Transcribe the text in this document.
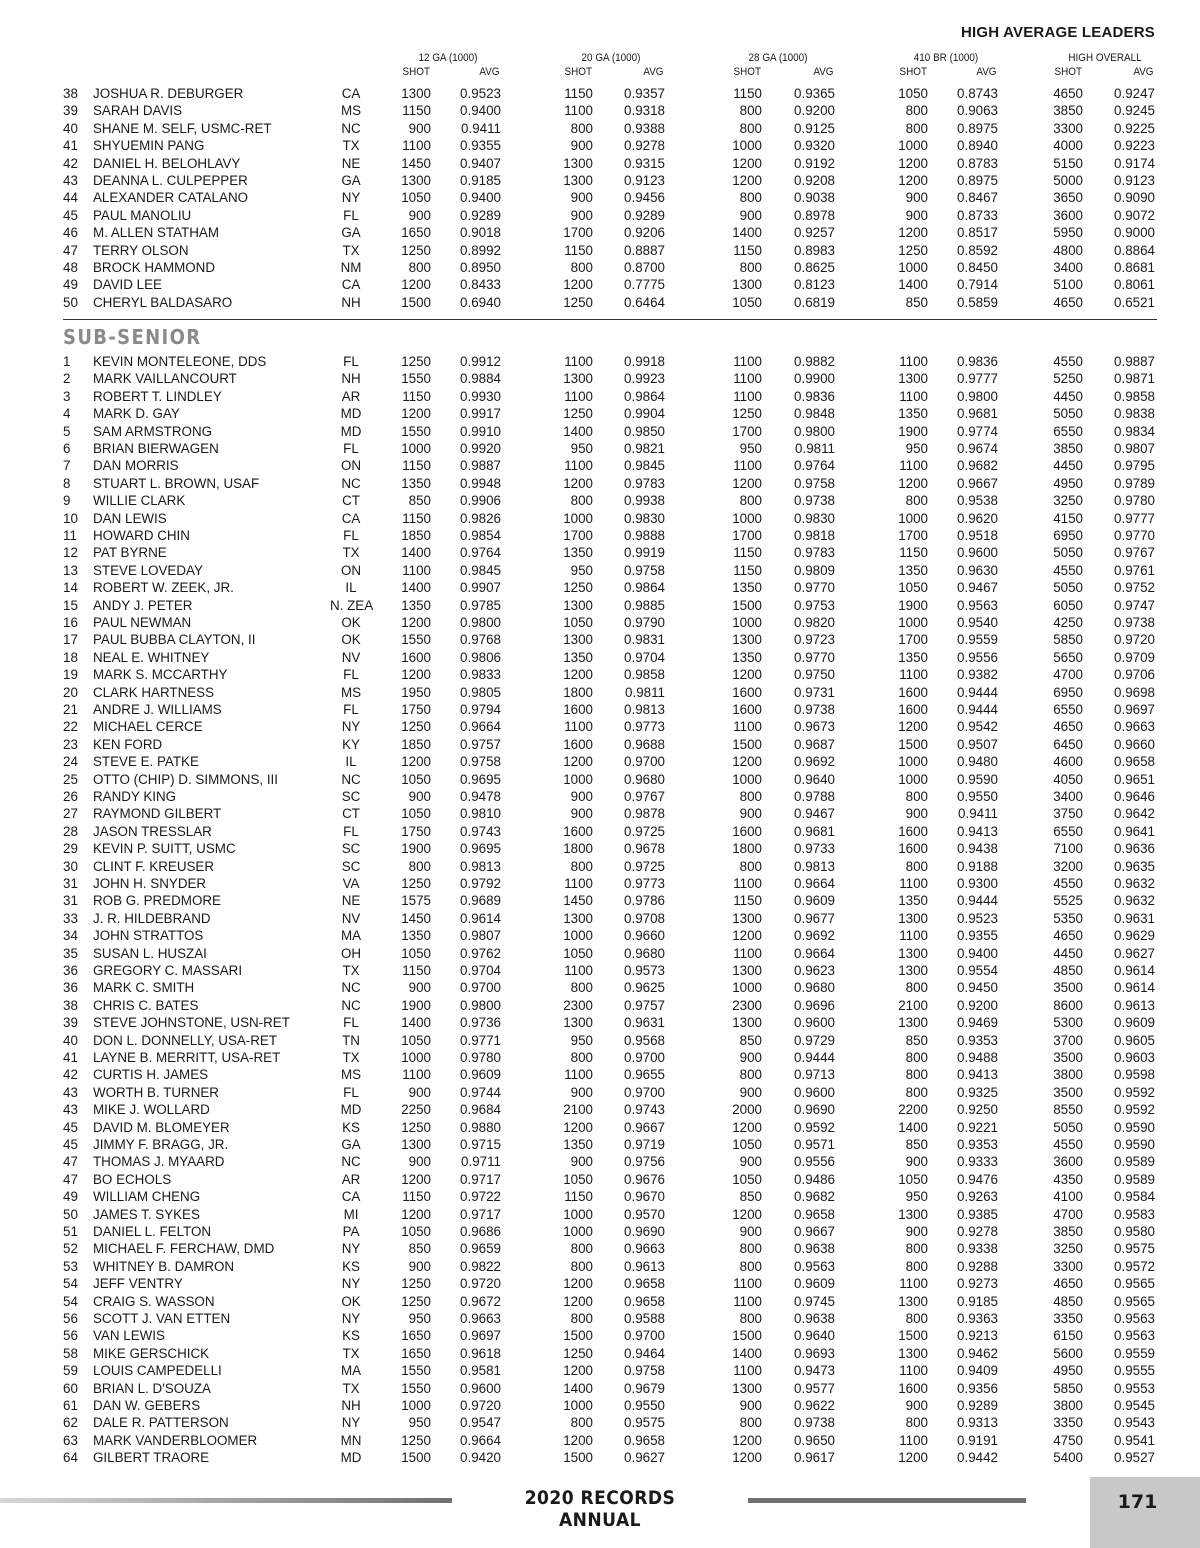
HIGH AVERAGE LEADERS
12 GA (1000)
SHOT	AVG
20 GA (1000)
SHOT	AVG
28 GA (1000)
SHOT	AVG
410 BR (1000)
SHOT	AVG
HIGH OVERALL
SHOT	AVG
38 JOSHUA R. DEBURGER	CA	1300	0.9523	1150	0.9357	1150	0.9365	1050	0.8743	4650	0.9247
39 SARAH DAVIS	MS	1150	0.9400	1100	0.9318	800	0.9200	800	0.9063	3850	0.9245
40 SHANE M. SELF, USMC-RET	NC	900	0.9411	800	0.9388	800	0.9125	800	0.8975	3300	0.9225
41 SHYUEMIN PANG	TX	1100	0.9355	900	0.9278	1000	0.9320	1000	0.8940	4000	0.9223
42 DANIEL H. BELOHLAVY	NE	1450	0.9407	1300	0.9315	1200	0.9192	1200	0.8783	5150	0.9174
43 DEANNA L. CULPEPPER	GA	1300	0.9185	1300	0.9123	1200	0.9208	1200	0.8975	5000	0.9123
44 ALEXANDER CATALANO	NY	1050	0.9400	900	0.9456	800	0.9038	900	0.8467	3650	0.9090
45 PAUL MANOLIU	FL	900	0.9289	900	0.9289	900	0.8978	900	0.8733	3600	0.9072
46 M. ALLEN STATHAM	GA	1650	0.9018	1700	0.9206	1400	0.9257	1200	0.8517	5950	0.9000
47 TERRY OLSON	TX	1250	0.8992	1150	0.8887	1150	0.8983	1250	0.8592	4800	0.8864
48 BROCK HAMMOND	NM	800	0.8950	800	0.8700	800	0.8625	1000	0.8450	3400	0.8681
49 DAVID LEE	CA	1200	0.8433	1200	0.7775	1300	0.8123	1400	0.7914	5100	0.8061
50 CHERYL BALDASARO	NH	1500	0.6940	1250	0.6464	1050	0.6819	850	0.5859	4650	0.6521
SUB-SENIOR
1 KEVIN MONTELEONE, DDS	FL	1250	0.9912	1100	0.9918	1100	0.9882	1100	0.9836	4550	0.9887
2 MARK VAILLANCOURT	NH	1550	0.9884	1300	0.9923	1100	0.9900	1300	0.9777	5250	0.9871
3 ROBERT T. LINDLEY	AR	1150	0.9930	1100	0.9864	1100	0.9836	1100	0.9800	4450	0.9858
4 MARK D. GAY	MD	1200	0.9917	1250	0.9904	1250	0.9848	1350	0.9681	5050	0.9838
5 SAM ARMSTRONG	MD	1550	0.9910	1400	0.9850	1700	0.9800	1900	0.9774	6550	0.9834
6 BRIAN BIERWAGEN	FL	1000	0.9920	950	0.9821	950	0.9811	950	0.9674	3850	0.9807
7 DAN MORRIS	ON	1150	0.9887	1100	0.9845	1100	0.9764	1100	0.9682	4450	0.9795
8 STUART L. BROWN, USAF	NC	1350	0.9948	1200	0.9783	1200	0.9758	1200	0.9667	4950	0.9789
9 WILLIE CLARK	CT	850	0.9906	800	0.9938	800	0.9738	800	0.9538	3250	0.9780
10 DAN LEWIS	CA	1150	0.9826	1000	0.9830	1000	0.9830	1000	0.9620	4150	0.9777
11 HOWARD CHIN	FL	1850	0.9854	1700	0.9888	1700	0.9818	1700	0.9518	6950	0.9770
12 PAT BYRNE	TX	1400	0.9764	1350	0.9919	1150	0.9783	1150	0.9600	5050	0.9767
13 STEVE LOVEDAY	ON	1100	0.9845	950	0.9758	1150	0.9809	1350	0.9630	4550	0.9761
14 ROBERT W. ZEEK, JR.	IL	1400	0.9907	1250	0.9864	1350	0.9770	1050	0.9467	5050	0.9752
15 ANDY J. PETER	N. ZEA	1350	0.9785	1300	0.9885	1500	0.9753	1900	0.9563	6050	0.9747
16 PAUL NEWMAN	OK	1200	0.9800	1050	0.9790	1000	0.9820	1000	0.9540	4250	0.9738
17 PAUL BUBBA CLAYTON, II	OK	1550	0.9768	1300	0.9831	1300	0.9723	1700	0.9559	5850	0.9720
18 NEAL E. WHITNEY	NV	1600	0.9806	1350	0.9704	1350	0.9770	1350	0.9556	5650	0.9709
19 MARK S. MCCARTHY	FL	1200	0.9833	1200	0.9858	1200	0.9750	1100	0.9382	4700	0.9706
20 CLARK HARTNESS	MS	1950	0.9805	1800	0.9811	1600	0.9731	1600	0.9444	6950	0.9698
21 ANDRE J. WILLIAMS	FL	1750	0.9794	1600	0.9813	1600	0.9738	1600	0.9444	6550	0.9697
22 MICHAEL CERCE	NY	1250	0.9664	1100	0.9773	1100	0.9673	1200	0.9542	4650	0.9663
23 KEN FORD	KY	1850	0.9757	1600	0.9688	1500	0.9687	1500	0.9507	6450	0.9660
24 STEVE E. PATKE	IL	1200	0.9758	1200	0.9700	1200	0.9692	1000	0.9480	4600	0.9658
25 OTTO (CHIP) D. SIMMONS, III	NC	1050	0.9695	1000	0.9680	1000	0.9640	1000	0.9590	4050	0.9651
26 RANDY KING	SC	900	0.9478	900	0.9767	800	0.9788	800	0.9550	3400	0.9646
27 RAYMOND GILBERT	CT	1050	0.9810	900	0.9878	900	0.9467	900	0.9411	3750	0.9642
28 JASON TRESSLAR	FL	1750	0.9743	1600	0.9725	1600	0.9681	1600	0.9413	6550	0.9641
29 KEVIN P. SUITT, USMC	SC	1900	0.9695	1800	0.9678	1800	0.9733	1600	0.9438	7100	0.9636
30 CLINT F. KREUSER	SC	800	0.9813	800	0.9725	800	0.9813	800	0.9188	3200	0.9635
31 JOHN H. SNYDER	VA	1250	0.9792	1100	0.9773	1100	0.9664	1100	0.9300	4550	0.9632
31 ROB G. PREDMORE	NE	1575	0.9689	1450	0.9786	1150	0.9609	1350	0.9444	5525	0.9632
33 J. R. HILDEBRAND	NV	1450	0.9614	1300	0.9708	1300	0.9677	1300	0.9523	5350	0.9631
34 JOHN STRATTOS	MA	1350	0.9807	1000	0.9660	1200	0.9692	1100	0.9355	4650	0.9629
35 SUSAN L. HUSZAI	OH	1050	0.9762	1050	0.9680	1100	0.9664	1300	0.9400	4450	0.9627
36 GREGORY C. MASSARI	TX	1150	0.9704	1100	0.9573	1300	0.9623	1300	0.9554	4850	0.9614
36 MARK C. SMITH	NC	900	0.9700	800	0.9625	1000	0.9680	800	0.9450	3500	0.9614
38 CHRIS C. BATES	NC	1900	0.9800	2300	0.9757	2300	0.9696	2100	0.9200	8600	0.9613
39 STEVE JOHNSTONE, USN-RET	FL	1400	0.9736	1300	0.9631	1300	0.9600	1300	0.9469	5300	0.9609
40 DON L. DONNELLY, USA-RET	TN	1050	0.9771	950	0.9568	850	0.9729	850	0.9353	3700	0.9605
41 LAYNE B. MERRITT, USA-RET	TX	1000	0.9780	800	0.9700	900	0.9444	800	0.9488	3500	0.9603
42 CURTIS H. JAMES	MS	1100	0.9609	1100	0.9655	800	0.9713	800	0.9413	3800	0.9598
43 WORTH B. TURNER	FL	900	0.9744	900	0.9700	900	0.9600	800	0.9325	3500	0.9592
43 MIKE J. WOLLARD	MD	2250	0.9684	2100	0.9743	2000	0.9690	2200	0.9250	8550	0.9592
45 DAVID M. BLOMEYER	KS	1250	0.9880	1200	0.9667	1200	0.9592	1400	0.9221	5050	0.9590
45 JIMMY F. BRAGG, JR.	GA	1300	0.9715	1350	0.9719	1050	0.9571	850	0.9353	4550	0.9590
47 THOMAS J. MYAARD	NC	900	0.9711	900	0.9756	900	0.9556	900	0.9333	3600	0.9589
47 BO ECHOLS	AR	1200	0.9717	1050	0.9676	1050	0.9486	1050	0.9476	4350	0.9589
49 WILLIAM CHENG	CA	1150	0.9722	1150	0.9670	850	0.9682	950	0.9263	4100	0.9584
50 JAMES T. SYKES	MI	1200	0.9717	1000	0.9570	1200	0.9658	1300	0.9385	4700	0.9583
51 DANIEL L. FELTON	PA	1050	0.9686	1000	0.9690	900	0.9667	900	0.9278	3850	0.9580
52 MICHAEL F. FERCHAW, DMD	NY	850	0.9659	800	0.9663	800	0.9638	800	0.9338	3250	0.9575
53 WHITNEY B. DAMRON	KS	900	0.9822	800	0.9613	800	0.9563	800	0.9288	3300	0.9572
54 JEFF VENTRY	NY	1250	0.9720	1200	0.9658	1100	0.9609	1100	0.9273	4650	0.9565
54 CRAIG S. WASSON	OK	1250	0.9672	1200	0.9658	1100	0.9745	1300	0.9185	4850	0.9565
56 SCOTT J. VAN ETTEN	NY	950	0.9663	800	0.9588	800	0.9638	800	0.9363	3350	0.9563
56 VAN LEWIS	KS	1650	0.9697	1500	0.9700	1500	0.9640	1500	0.9213	6150	0.9563
58 MIKE GERSCHICK	TX	1650	0.9618	1250	0.9464	1400	0.9693	1300	0.9462	5600	0.9559
59 LOUIS CAMPEDELLI	MA	1550	0.9581	1200	0.9758	1100	0.9473	1100	0.9409	4950	0.9555
60 BRIAN L. D'SOUZA	TX	1550	0.9600	1400	0.9679	1300	0.9577	1600	0.9356	5850	0.9553
61 DAN W. GEBERS	NH	1000	0.9720	1000	0.9550	900	0.9622	900	0.9289	3800	0.9545
62 DALE R. PATTERSON	NY	950	0.9547	800	0.9575	800	0.9738	800	0.9313	3350	0.9543
63 MARK VANDERBLOOMER	MN	1250	0.9664	1200	0.9658	1200	0.9650	1100	0.9191	4750	0.9541
64 GILBERT TRAORE	MD	1500	0.9420	1500	0.9627	1200	0.9617	1200	0.9442	5400	0.9527
2020 RECORDS ANNUAL
171
